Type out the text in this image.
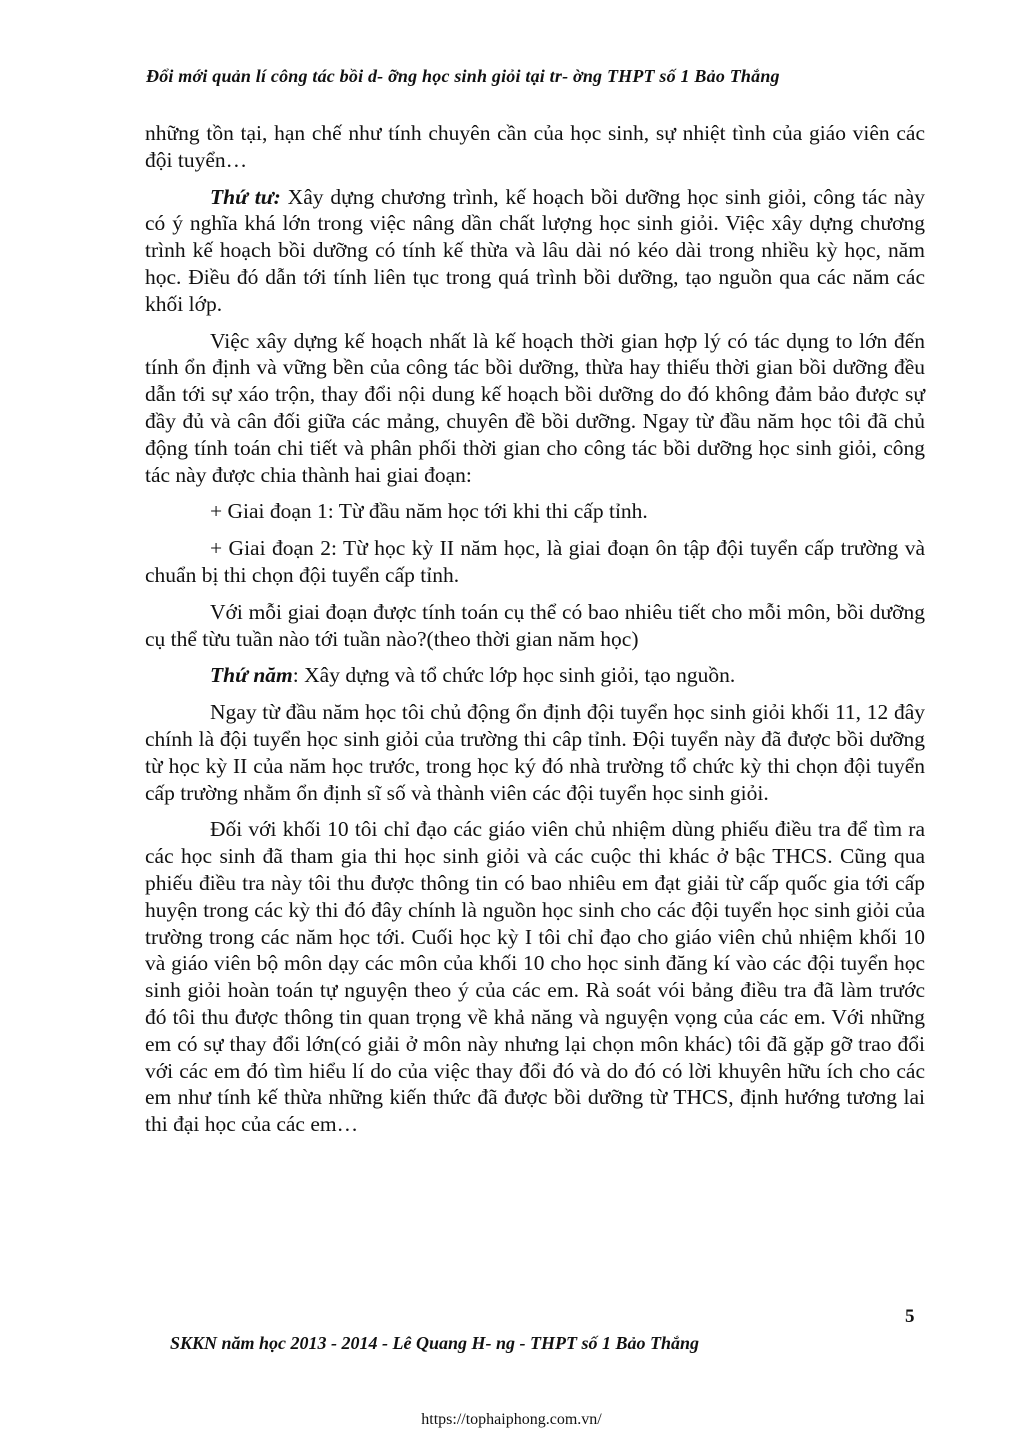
Đổi mới quản lí công tác bồi d- ỡng học sinh giỏi tại tr- ờng THPT số 1 Bảo Thắng

những tồn tại, hạn chế như tính chuyên cần của học sinh, sự nhiệt tình của giáo viên các đội tuyển…

Thứ tư: Xây dựng chương trình, kế hoạch bồi dưỡng học sinh giỏi, công tác này có ý nghĩa khá lớn trong việc nâng dần chất lượng học sinh giỏi. Việc xây dựng chương trình kế hoạch bồi dưỡng có tính kế thừa và lâu dài nó kéo dài trong nhiều kỳ học, năm học. Điều đó dẫn tới tính liên tục trong quá trình bồi dưỡng, tạo nguồn qua các năm các khối lớp.

Việc xây dựng kế hoạch nhất là kế hoạch thời gian hợp lý có tác dụng to lớn đến tính ổn định và vững bền của công tác bồi dưỡng, thừa hay thiếu thời gian bồi dưỡng đều dẫn tới sự xáo trộn, thay đổi nội dung kế hoạch bồi dưỡng do đó không đảm bảo được sự đầy đủ và cân đối giữa các mảng, chuyên đề bồi dưỡng. Ngay từ đầu năm học tôi đã chủ động tính toán chi tiết và phân phối thời gian cho công tác bồi dưỡng học sinh giỏi, công tác này được chia thành hai giai đoạn:

+ Giai đoạn 1: Từ đầu năm học tới khi thi cấp tỉnh.

+ Giai đoạn 2: Từ học kỳ II năm học, là giai đoạn ôn tập đội tuyển cấp trường và chuẩn bị thi chọn đội tuyển cấp tỉnh.

Với mỗi giai đoạn được tính toán cụ thể có bao nhiêu tiết cho mỗi môn, bồi dưỡng cụ thể từu tuần nào tới tuần nào?(theo thời gian năm học)

Thứ năm: Xây dựng và tổ chức lớp học sinh giỏi, tạo nguồn.

Ngay từ đầu năm học tôi chủ động ổn định đội tuyển học sinh giỏi khối 11, 12 đây chính là đội tuyển học sinh giỏi của trường thi câp tỉnh. Đội tuyển này đã được bồi dưỡng từ học kỳ II của năm học trước, trong học ký đó nhà trường tổ chức kỳ thi chọn đội tuyển cấp trường nhằm ổn định sĩ số và thành viên các đội tuyển học sinh giỏi.

Đối với khối 10 tôi chỉ đạo các giáo viên chủ nhiệm dùng phiếu điều tra để tìm ra các học sinh đã tham gia thi học sinh giỏi và các cuộc thi khác ở bậc THCS. Cũng qua phiếu điều tra này tôi thu được thông tin có bao nhiêu em đạt giải từ cấp quốc gia tới cấp huyện trong các kỳ thi đó đây chính là nguồn học sinh cho các đội tuyển học sinh giỏi của trường trong các năm học tới. Cuối học kỳ I tôi chỉ đạo cho giáo viên chủ nhiệm khối 10 và giáo viên bộ môn dạy các môn của khối 10 cho học sinh đăng kí vào các đội tuyển học sinh giỏi hoàn toán tự nguyện theo ý của các em. Rà soát vói bảng điều tra đã làm trước đó tôi thu được thông tin quan trọng về khả năng và nguyện vọng của các em. Với những em có sự thay đổi lớn(có giải ở môn này nhưng lại chọn môn khác) tôi đã gặp gỡ trao đổi với các em đó tìm hiểu lí do của việc thay đổi đó và do đó có lời khuyên hữu ích cho các em như tính kế thừa những kiến thức đã được bồi dưỡng từ THCS, định hướng tương lai thi đại học của các em…

5
SKKN năm học 2013 - 2014 - Lê Quang H- ng - THPT số 1 Bảo Thắng
https://tophaiphong.com.vn/
